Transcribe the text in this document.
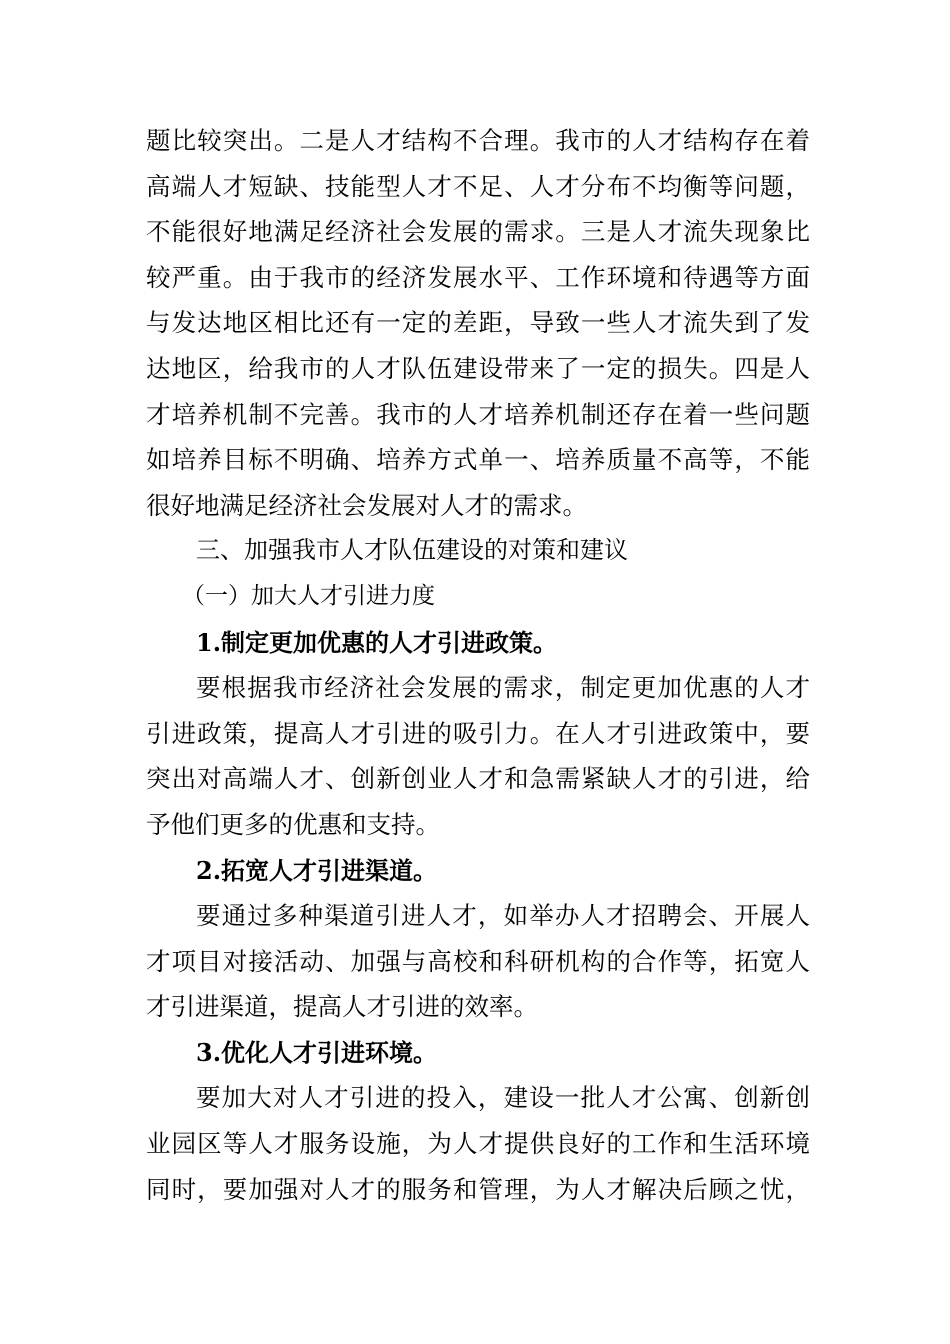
题比较突出。二是人才结构不合理。我市的人才结构存在着
高端人才短缺、技能型人才不足、人才分布不均衡等问题，
不能很好地满足经济社会发展的需求。三是人才流失现象比
较严重。由于我市的经济发展水平、工作环境和待遇等方面
与发达地区相比还有一定的差距，导致一些人才流失到了发
达地区，给我市的人才队伍建设带来了一定的损失。四是人
才培养机制不完善。我市的人才培养机制还存在着一些问题
如培养目标不明确、培养方式单一、培养质量不高等，不能
很好地满足经济社会发展对人才的需求。
三、加强我市人才队伍建设的对策和建议
（一）加大人才引进力度
1.制定更加优惠的人才引进政策。
要根据我市经济社会发展的需求，制定更加优惠的人才
引进政策，提高人才引进的吸引力。在人才引进政策中，要
突出对高端人才、创新创业人才和急需紧缺人才的引进，给
予他们更多的优惠和支持。
2.拓宽人才引进渠道。
要通过多种渠道引进人才，如举办人才招聘会、开展人
才项目对接活动、加强与高校和科研机构的合作等，拓宽人
才引进渠道，提高人才引进的效率。
3.优化人才引进环境。
要加大对人才引进的投入，建设一批人才公寓、创新创
业园区等人才服务设施，为人才提供良好的工作和生活环境
同时，要加强对人才的服务和管理，为人才解决后顾之忧，
